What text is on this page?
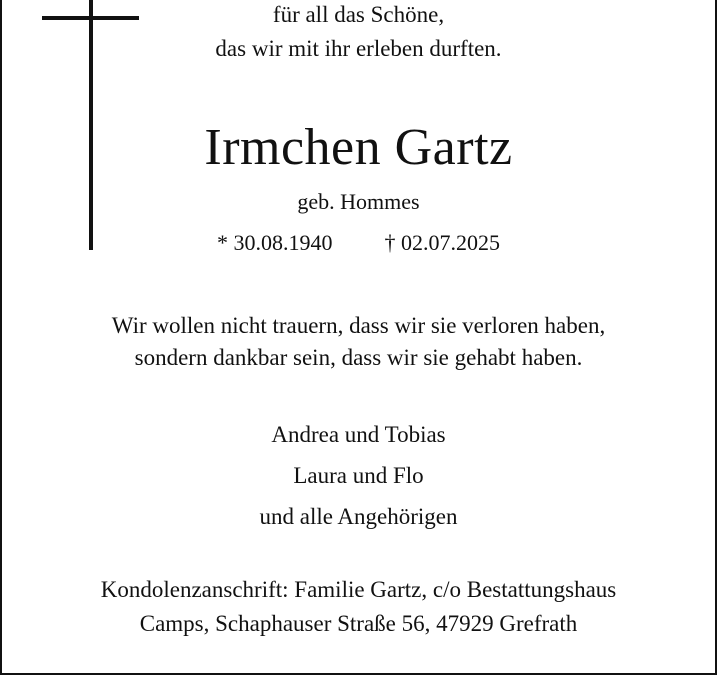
für all das Schöne,
das wir mit ihr erleben durften.
Irmchen Gartz
geb. Hommes
* 30.08.1940 † 02.07.2025
Wir wollen nicht trauern, dass wir sie verloren haben,
sondern dankbar sein, dass wir sie gehabt haben.
Andrea und Tobias
Laura und Flo
und alle Angehörigen
Kondolenzanschrift: Familie Gartz, c/o Bestattungshaus
Camps, Schaphauser Straße 56, 47929 Grefrath
